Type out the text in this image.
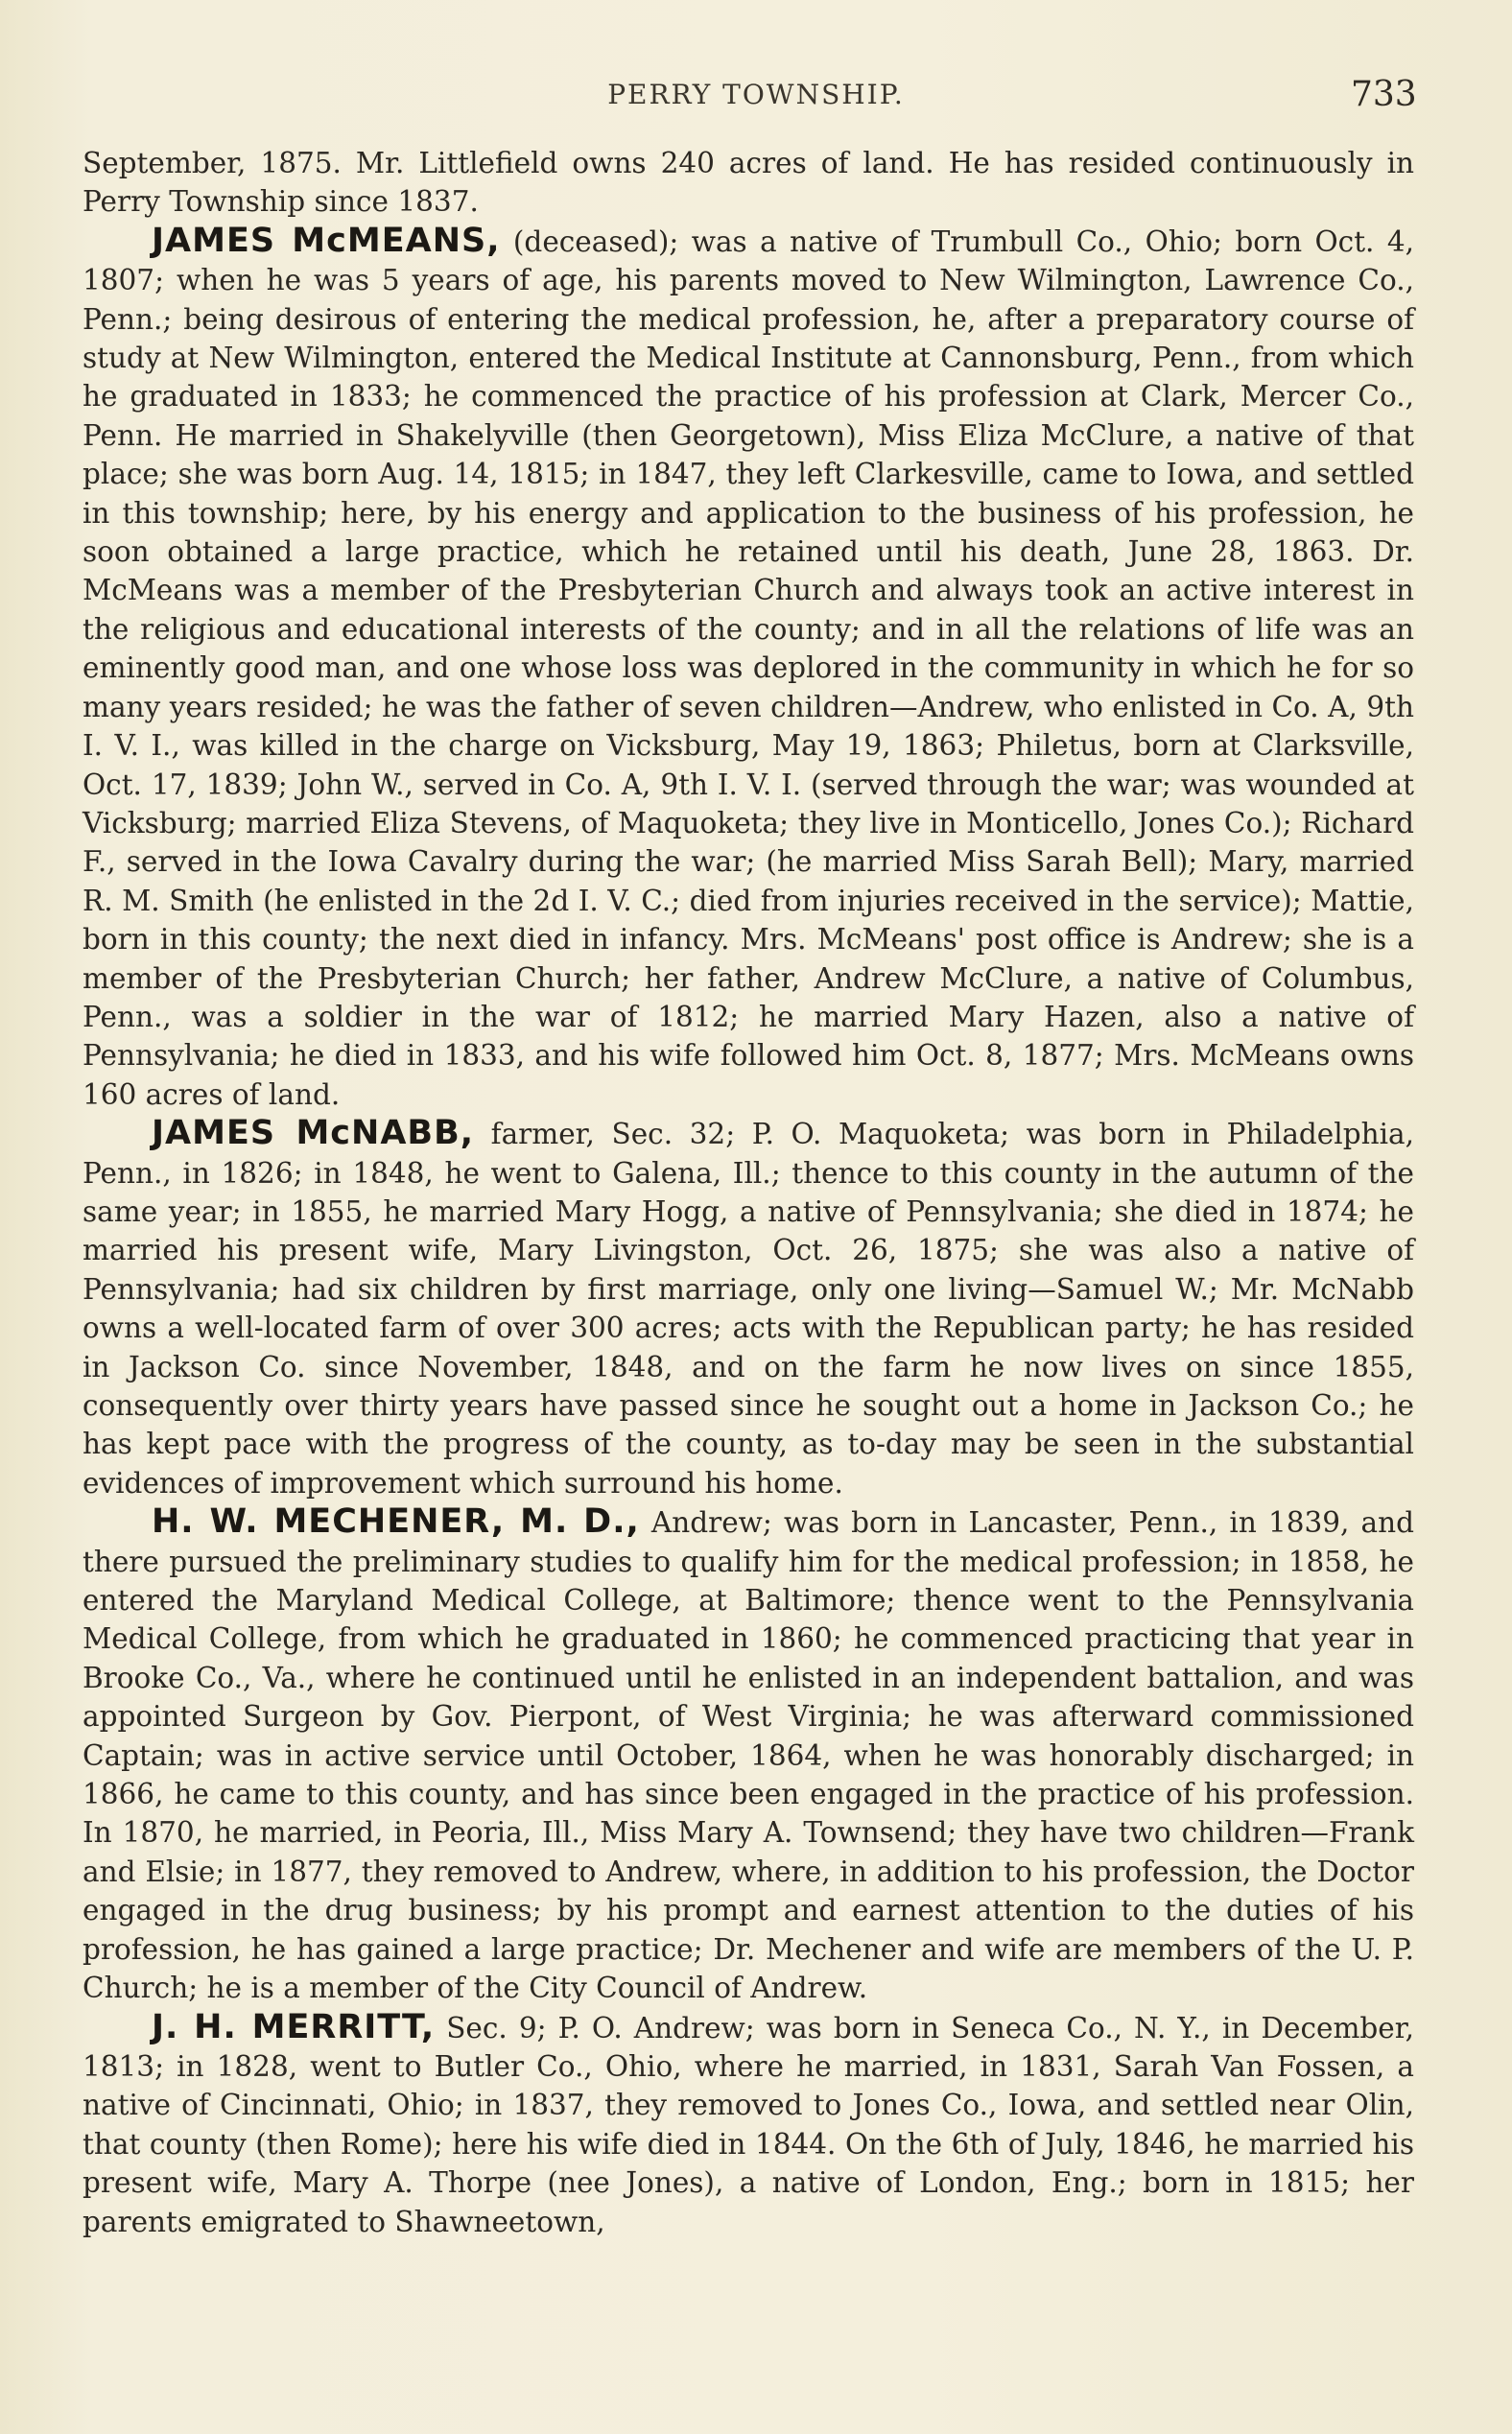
PERRY TOWNSHIP.	733

September, 1875. Mr. Littlefield owns 240 acres of land. He has resided continuously in Perry Township since 1837.

JAMES McMEANS, (deceased); was a native of Trumbull Co., Ohio; born Oct. 4, 1807; when he was 5 years of age, his parents moved to New Wilmington, Lawrence Co., Penn.; being desirous of entering the medical profession, he, after a preparatory course of study at New Wilmington, entered the Medical Institute at Cannonsburg, Penn., from which he graduated in 1833; he commenced the practice of his profession at Clark, Mercer Co., Penn. He married in Shakelyville (then Georgetown), Miss Eliza McClure, a native of that place; she was born Aug. 14, 1815; in 1847, they left Clarkesville, came to Iowa, and settled in this township; here, by his energy and application to the business of his profession, he soon obtained a large practice, which he retained until his death, June 28, 1863. Dr. McMeans was a member of the Presbyterian Church and always took an active interest in the religious and educational interests of the county; and in all the relations of life was an eminently good man, and one whose loss was deplored in the community in which he for so many years resided; he was the father of seven children—Andrew, who enlisted in Co. A, 9th I. V. I., was killed in the charge on Vicksburg, May 19, 1863; Philetus, born at Clarksville, Oct. 17, 1839; John W., served in Co. A, 9th I. V. I. (served through the war; was wounded at Vicksburg; married Eliza Stevens, of Maquoketa; they live in Monticello, Jones Co.); Richard F., served in the Iowa Cavalry during the war; (he married Miss Sarah Bell); Mary, married R. M. Smith (he enlisted in the 2d I. V. C.; died from injuries received in the service); Mattie, born in this county; the next died in infancy. Mrs. McMeans' post office is Andrew; she is a member of the Presbyterian Church; her father, Andrew McClure, a native of Columbus, Penn., was a soldier in the war of 1812; he married Mary Hazen, also a native of Pennsylvania; he died in 1833, and his wife followed him Oct. 8, 1877; Mrs. McMeans owns 160 acres of land.

JAMES McNABB, farmer, Sec. 32; P. O. Maquoketa; was born in Philadelphia, Penn., in 1826; in 1848, he went to Galena, Ill.; thence to this county in the autumn of the same year; in 1855, he married Mary Hogg, a native of Pennsylvania; she died in 1874; he married his present wife, Mary Livingston, Oct. 26, 1875; she was also a native of Pennsylvania; had six children by first marriage, only one living—Samuel W.; Mr. McNabb owns a well-located farm of over 300 acres; acts with the Republican party; he has resided in Jackson Co. since November, 1848, and on the farm he now lives on since 1855, consequently over thirty years have passed since he sought out a home in Jackson Co.; he has kept pace with the progress of the county, as to-day may be seen in the substantial evidences of improvement which surround his home.

H. W. MECHENER, M. D., Andrew; was born in Lancaster, Penn., in 1839, and there pursued the preliminary studies to qualify him for the medical profession; in 1858, he entered the Maryland Medical College, at Baltimore; thence went to the Pennsylvania Medical College, from which he graduated in 1860; he commenced practicing that year in Brooke Co., Va., where he continued until he enlisted in an independent battalion, and was appointed Surgeon by Gov. Pierpont, of West Virginia; he was afterward commissioned Captain; was in active service until October, 1864, when he was honorably discharged; in 1866, he came to this county, and has since been engaged in the practice of his profession. In 1870, he married, in Peoria, Ill., Miss Mary A. Townsend; they have two children—Frank and Elsie; in 1877, they removed to Andrew, where, in addition to his profession, the Doctor engaged in the drug business; by his prompt and earnest attention to the duties of his profession, he has gained a large practice; Dr. Mechener and wife are members of the U. P. Church; he is a member of the City Council of Andrew.

J. H. MERRITT, Sec. 9; P. O. Andrew; was born in Seneca Co., N. Y., in December, 1813; in 1828, went to Butler Co., Ohio, where he married, in 1831, Sarah Van Fossen, a native of Cincinnati, Ohio; in 1837, they removed to Jones Co., Iowa, and settled near Olin, that county (then Rome); here his wife died in 1844. On the 6th of July, 1846, he married his present wife, Mary A. Thorpe (nee Jones), a native of London, Eng.; born in 1815; her parents emigrated to Shawneetown,
